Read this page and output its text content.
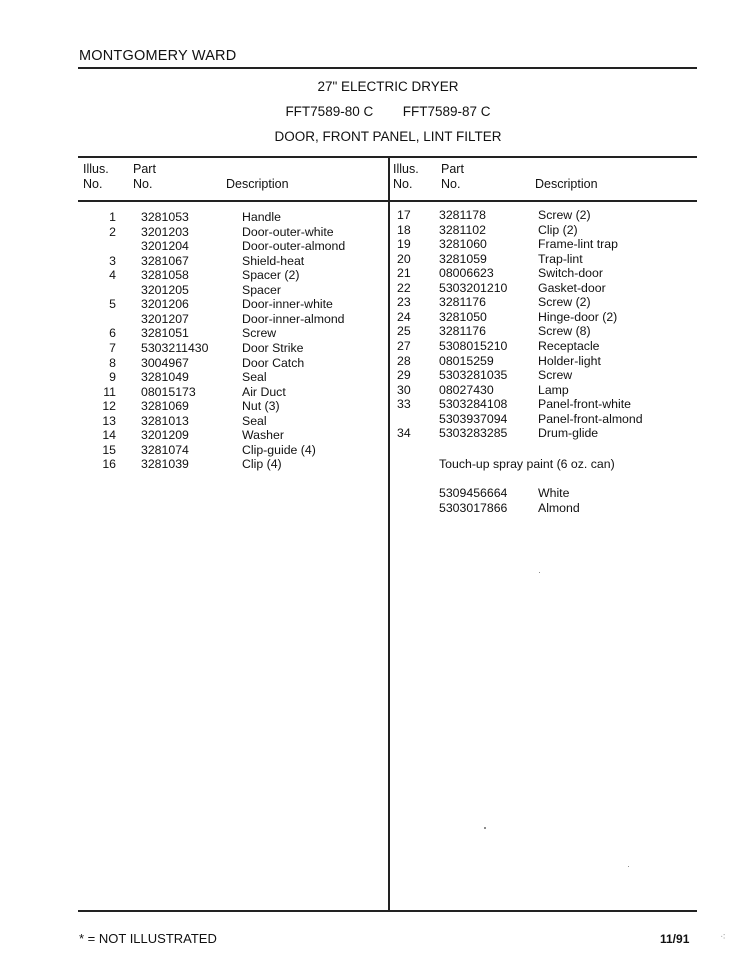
MONTGOMERY WARD
27" ELECTRIC DRYER
FFT7589-80 C FFT7589-87 C
DOOR, FRONT PANEL, LINT FILTER
Illus.
No.
Part
No.	Description
Illus.
No.
Part
No.	Description
1 3281053	Handle
2 3201203	Door-outer-white
3201204	Door-outer-almond
3 3281067	Shield-heat
4 3281058	Spacer (2)
3201205	Spacer
5 3201206	Door-inner-white
3201207	Door-inner-almond
6 3281051	Screw
7 5303211430	Door Strike
8 3004967	Door Catch
9 3281049	Seal
11 08015173	Air Duct
12 3281069	Nut (3)
13 3281013	Seal
14 3201209	Washer
15 3281074	Clip-guide (4)
16 3281039	Clip (4)
17	3281178	Screw (2)
18	3281102	Clip (2)
19	3281060	Frame-lint trap
20	3281059	Trap-lint
21	08006623	Switch-door
22	5303201210 Gasket-door
23	3281176	Screw (2)
24	3281050	Hinge-door (2)
25	3281176	Screw (8)
27	5308015210 Receptacle
28	08015259	Holder-light
29	5303281035 Screw
30	08027430	Lamp
33	5303284108 Panel-front-white
5303937094 Panel-front-almond
34	5303283285 Drum-glide
Touch-up spray paint (6 oz. can)
5309456664 White
5303017866 Almond
* = NOT ILLUSTRATED	11/91	⁖
